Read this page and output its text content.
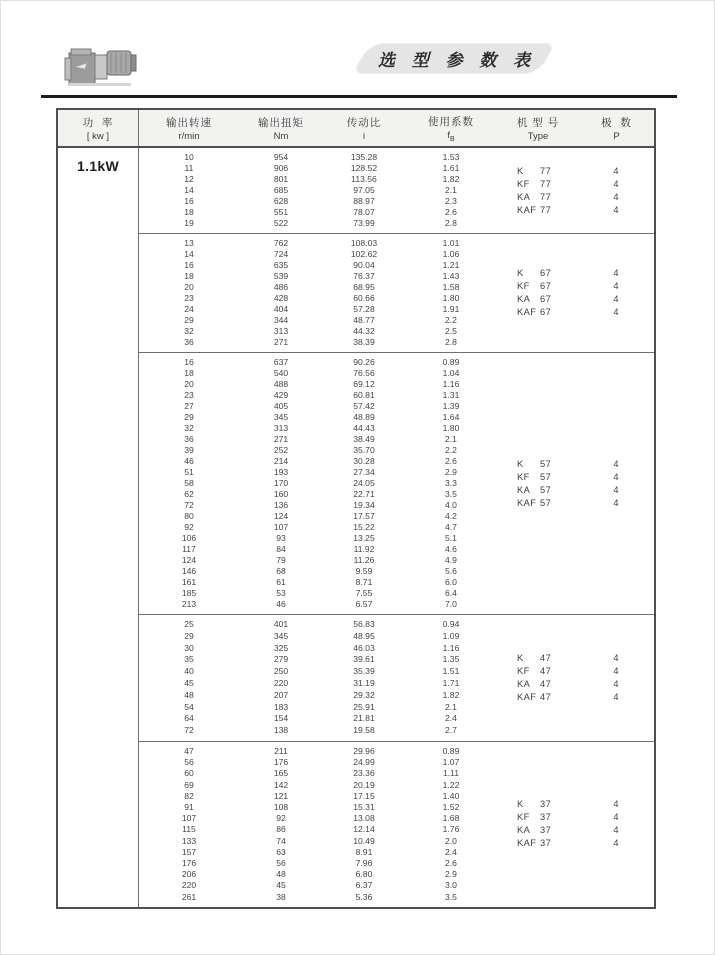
选 型 参 数 表
功  率
[ kw ]
输出转速
r/min
输出扭矩
Nm
传动比
i
使用系数
$f_B$
机 型 号
Type
极  数
P
1.1kW
10	954	135.28	1.53
11	906	128.52	1.61
12	801	113.56	1.82
14	685	97.05	2.1
16	628	88.97	2.3
18	551	78.07	2.6
19	522	73.99	2.8
K 77	4
KF 77	4
KA 77	4
KAF 77	4
13	762	108.03	1.01
14	724	102.62	1.06
16	635	90.04	1.21
18	539	76.37	1.43
20	486	68.95	1.58
23	428	60.66	1.80
24	404	57.28	1.91
29	344	48.77	2.2
32	313	44.32	2.5
36	271	38.39	2.8
K 67	4
KF 67	4
KA 67	4
KAF 67	4
16	637	90.26	0.89
18	540	76.56	1.04
20	488	69.12	1.16
23	429	60.81	1.31
27	405	57.42	1.39
29	345	48.89	1.64
32	313	44.43	1.80
36	271	38.49	2.1
39	252	35.70	2.2
46	214	30.28	2.6
51	193	27.34	2.9
58	170	24.05	3.3
62	160	22.71	3.5
72	136	19.34	4.0
80	124	17.57	4.2
92	107	15.22	4.7
106	93	13.25	5.1
117	84	11.92	4.6
124	79	11.26	4.9
146	68	9.59	5.6
161	61	8.71	6.0
185	53	7.55	6.4
213	46	6.57	7.0
K 57	4
KF 57	4
KA 57	4
KAF 57	4
25	401	56.83	0.94
29	345	48.95	1.09
30	325	46.03	1.16
35	279	39.61	1.35
40	250	35.39	1.51
45	220	31.19	1.71
48	207	29.32	1.82
54	183	25.91	2.1
64	154	21.81	2.4
72	138	19.58	2.7
K 47	4
KF 47	4
KA 47	4
KAF 47	4
47	211	29.96	0.89
56	176	24.99	1.07
60	165	23.36	1.11
69	142	20.19	1.22
82	121	17.15	1.40
91	108	15.31	1.52
107	92	13.08	1.68
115	86	12.14	1.76
133	74	10.49	2.0
157	63	8.91	2.4
176	56	7.96	2.6
206	48	6.80	2.9
220	45	6.37	3.0
261	38	5.36	3.5
K 37	4
KF 37	4
KA 37	4
KAF 37	4
